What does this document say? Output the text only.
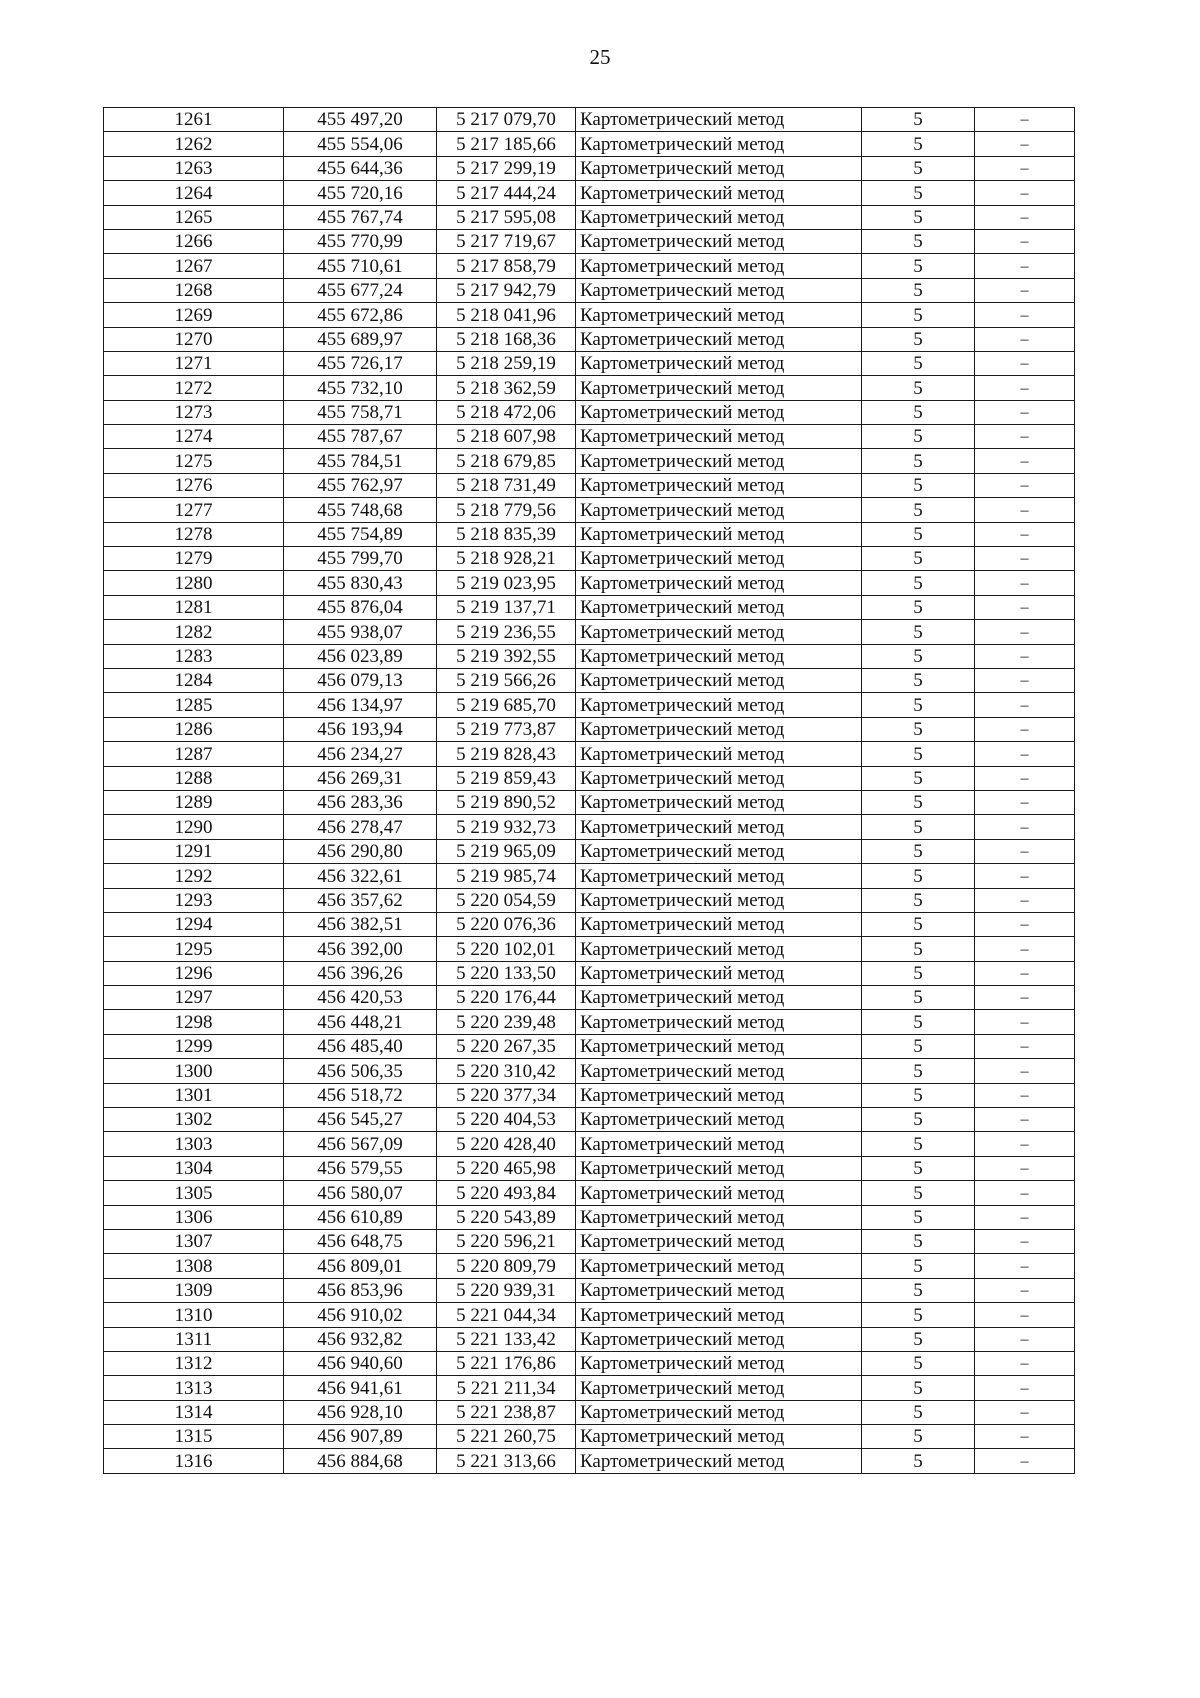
25
1261	455 497,20	5 217 079,70	Картометрический метод	5	–
1262	455 554,06	5 217 185,66	Картометрический метод	5	–
1263	455 644,36	5 217 299,19	Картометрический метод	5	–
1264	455 720,16	5 217 444,24	Картометрический метод	5	–
1265	455 767,74	5 217 595,08	Картометрический метод	5	–
1266	455 770,99	5 217 719,67	Картометрический метод	5	–
1267	455 710,61	5 217 858,79	Картометрический метод	5	–
1268	455 677,24	5 217 942,79	Картометрический метод	5	–
1269	455 672,86	5 218 041,96	Картометрический метод	5	–
1270	455 689,97	5 218 168,36	Картометрический метод	5	–
1271	455 726,17	5 218 259,19	Картометрический метод	5	–
1272	455 732,10	5 218 362,59	Картометрический метод	5	–
1273	455 758,71	5 218 472,06	Картометрический метод	5	–
1274	455 787,67	5 218 607,98	Картометрический метод	5	–
1275	455 784,51	5 218 679,85	Картометрический метод	5	–
1276	455 762,97	5 218 731,49	Картометрический метод	5	–
1277	455 748,68	5 218 779,56	Картометрический метод	5	–
1278	455 754,89	5 218 835,39	Картометрический метод	5	–
1279	455 799,70	5 218 928,21	Картометрический метод	5	–
1280	455 830,43	5 219 023,95	Картометрический метод	5	–
1281	455 876,04	5 219 137,71	Картометрический метод	5	–
1282	455 938,07	5 219 236,55	Картометрический метод	5	–
1283	456 023,89	5 219 392,55	Картометрический метод	5	–
1284	456 079,13	5 219 566,26	Картометрический метод	5	–
1285	456 134,97	5 219 685,70	Картометрический метод	5	–
1286	456 193,94	5 219 773,87	Картометрический метод	5	–
1287	456 234,27	5 219 828,43	Картометрический метод	5	–
1288	456 269,31	5 219 859,43	Картометрический метод	5	–
1289	456 283,36	5 219 890,52	Картометрический метод	5	–
1290	456 278,47	5 219 932,73	Картометрический метод	5	–
1291	456 290,80	5 219 965,09	Картометрический метод	5	–
1292	456 322,61	5 219 985,74	Картометрический метод	5	–
1293	456 357,62	5 220 054,59	Картометрический метод	5	–
1294	456 382,51	5 220 076,36	Картометрический метод	5	–
1295	456 392,00	5 220 102,01	Картометрический метод	5	–
1296	456 396,26	5 220 133,50	Картометрический метод	5	–
1297	456 420,53	5 220 176,44	Картометрический метод	5	–
1298	456 448,21	5 220 239,48	Картометрический метод	5	–
1299	456 485,40	5 220 267,35	Картометрический метод	5	–
1300	456 506,35	5 220 310,42	Картометрический метод	5	–
1301	456 518,72	5 220 377,34	Картометрический метод	5	–
1302	456 545,27	5 220 404,53	Картометрический метод	5	–
1303	456 567,09	5 220 428,40	Картометрический метод	5	–
1304	456 579,55	5 220 465,98	Картометрический метод	5	–
1305	456 580,07	5 220 493,84	Картометрический метод	5	–
1306	456 610,89	5 220 543,89	Картометрический метод	5	–
1307	456 648,75	5 220 596,21	Картометрический метод	5	–
1308	456 809,01	5 220 809,79	Картометрический метод	5	–
1309	456 853,96	5 220 939,31	Картометрический метод	5	–
1310	456 910,02	5 221 044,34	Картометрический метод	5	–
1311	456 932,82	5 221 133,42	Картометрический метод	5	–
1312	456 940,60	5 221 176,86	Картометрический метод	5	–
1313	456 941,61	5 221 211,34	Картометрический метод	5	–
1314	456 928,10	5 221 238,87	Картометрический метод	5	–
1315	456 907,89	5 221 260,75	Картометрический метод	5	–
1316	456 884,68	5 221 313,66	Картометрический метод	5	–
